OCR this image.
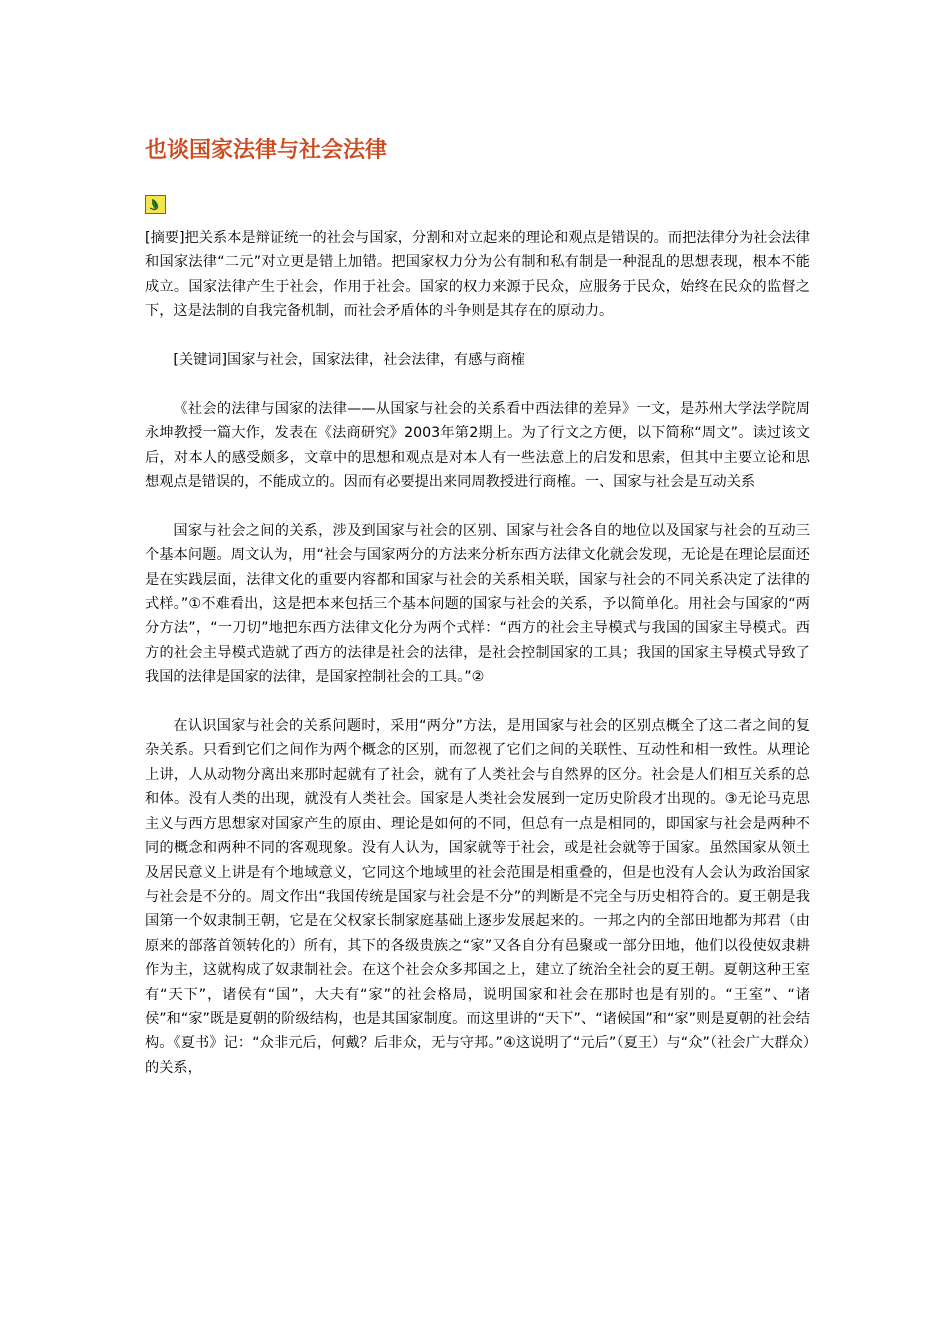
也谈国家法律与社会法律

[摘要]把关系本是辩证统一的社会与国家，分割和对立起来的理论和观点是错误的。而把法律分为社会法律和国家法律“二元”对立更是错上加错。把国家权力分为公有制和私有制是一种混乱的思想表现，根本不能成立。国家法律产生于社会，作用于社会。国家的权力来源于民众，应服务于民众，始终在民众的监督之下，这是法制的自我完备机制，而社会矛盾体的斗争则是其存在的原动力。

[关键词]国家与社会，国家法律，社会法律，有感与商榷

《社会的法律与国家的法律——从国家与社会的关系看中西法律的差异》一文，是苏州大学法学院周永坤教授一篇大作，发表在《法商研究》2003年第2期上。为了行文之方便，以下简称“周文”。读过该文后，对本人的感受颇多，文章中的思想和观点是对本人有一些法意上的启发和思索，但其中主要立论和思想观点是错误的，不能成立的。因而有必要提出来同周教授进行商榷。一、国家与社会是互动关系

国家与社会之间的关系，涉及到国家与社会的区别、国家与社会各自的地位以及国家与社会的互动三个基本问题。周文认为，用“社会与国家两分的方法来分析东西方法律文化就会发现，无论是在理论层面还是在实践层面，法律文化的重要内容都和国家与社会的关系相关联，国家与社会的不同关系决定了法律的式样。”①不难看出，这是把本来包括三个基本问题的国家与社会的关系，予以简单化。用社会与国家的“两分方法”，“一刀切”地把东西方法律文化分为两个式样：“西方的社会主导模式与我国的国家主导模式。西方的社会主导模式造就了西方的法律是社会的法律，是社会控制国家的工具；我国的国家主导模式导致了我国的法律是国家的法律，是国家控制社会的工具。”②

在认识国家与社会的关系问题时，采用“两分”方法，是用国家与社会的区别点概全了这二者之间的复杂关系。只看到它们之间作为两个概念的区别，而忽视了它们之间的关联性、互动性和相一致性。从理论上讲，人从动物分离出来那时起就有了社会，就有了人类社会与自然界的区分。社会是人们相互关系的总和体。没有人类的出现，就没有人类社会。国家是人类社会发展到一定历史阶段才出现的。③无论马克思主义与西方思想家对国家产生的原由、理论是如何的不同，但总有一点是相同的，即国家与社会是两种不同的概念和两种不同的客观现象。没有人认为，国家就等于社会，或是社会就等于国家。虽然国家从领土及居民意义上讲是有个地域意义，它同这个地域里的社会范围是相重叠的，但是也没有人会认为政治国家与社会是不分的。周文作出“我国传统是国家与社会是不分”的判断是不完全与历史相符合的。夏王朝是我国第一个奴隶制王朝，它是在父权家长制家庭基础上逐步发展起来的。一邦之内的全部田地都为邦君（由原来的部落首领转化的）所有，其下的各级贵族之“家”又各自分有邑聚或一部分田地，他们以役使奴隶耕作为主，这就构成了奴隶制社会。在这个社会众多邦国之上，建立了统治全社会的夏王朝。夏朝这种王室有“天下”，诸侯有“国”，大夫有“家”的社会格局，说明国家和社会在那时也是有别的。“王室”、“诸侯”和“家”既是夏朝的阶级结构，也是其国家制度。而这里讲的“天下”、“诸候国”和“家”则是夏朝的社会结构。《夏书》记：“众非元后，何戴？后非众，无与守邦。”④这说明了“元后”（夏王）与“众”（社会广大群众）的关系，
